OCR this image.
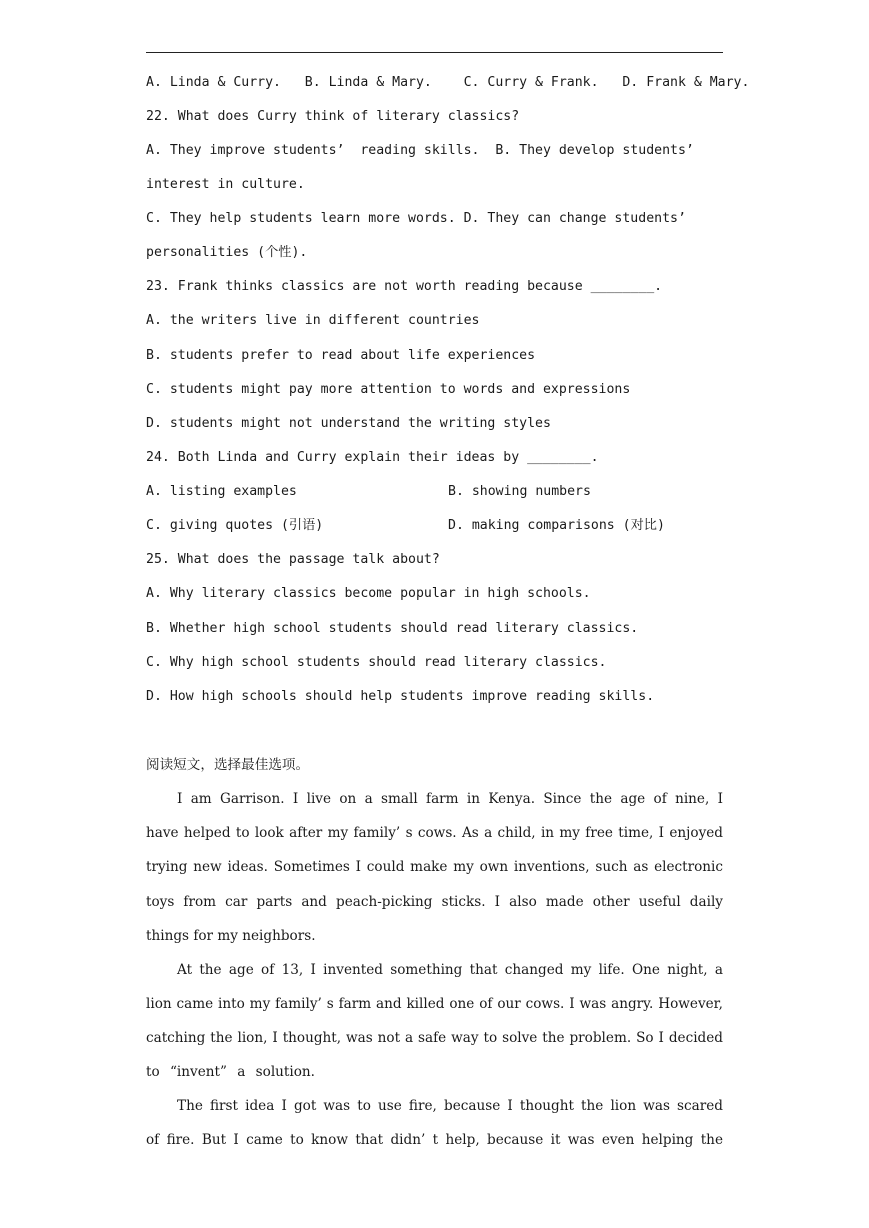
A. Linda & Curry.   B. Linda & Mary.    C. Curry & Frank.   D. Frank & Mary.
22. What does Curry think of literary classics?
A. They improve students’  reading skills.  B. They develop students’
interest in culture.
C. They help students learn more words. D. They can change students’
personalities (个性).
23. Frank thinks classics are not worth reading because ________.
A. the writers live in different countries
B. students prefer to read about life experiences
C. students might pay more attention to words and expressions
D. students might not understand the writing styles
24. Both Linda and Curry explain their ideas by ________.
A. listing examples	B. showing numbers
C. giving quotes (引语)	D. making comparisons (对比)
25. What does the passage talk about?
A. Why literary classics become popular in high schools.
B. Whether high school students should read literary classics.
C. Why high school students should read literary classics.
D. How high schools should help students improve reading skills.
阅读短文，选择最佳选项。
I am Garrison. I live on a small farm in Kenya. Since the age of nine, I
have helped to look after my family’ s cows. As a child, in my free time, I enjoyed
trying new ideas. Sometimes I could make my own inventions, such as electronic
toys from car parts and peach-picking sticks. I also made other useful daily
things for my neighbors.
At the age of 13, I invented something that changed my life. One night, a
lion came into my family’ s farm and killed one of our cows. I was angry. However,
catching the lion, I thought, was not a safe way to solve the problem. So I decided
to “invent” a solution.
The first idea I got was to use fire, because I thought the lion was scared
of fire. But I came to know that didn’ t help, because it was even helping the
